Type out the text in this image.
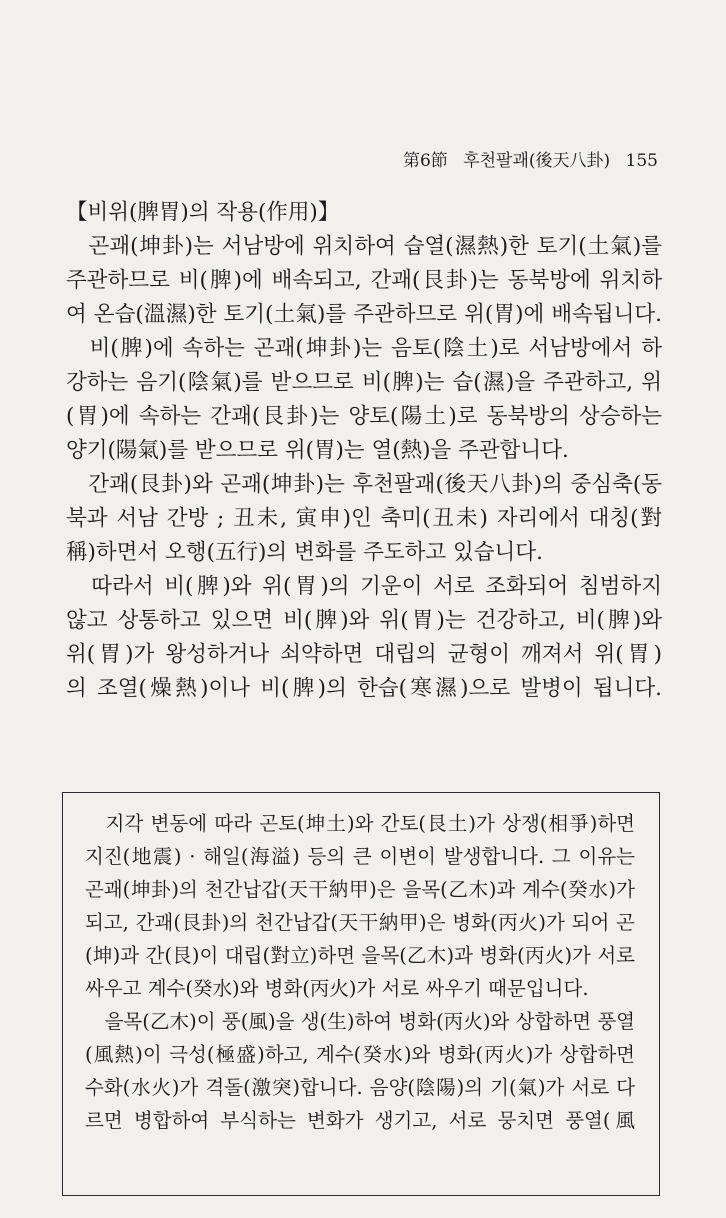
第6節 후천팔괘(後天八卦) 155
【비위(脾胃)의 작용(作用)】
　곤괘(坤卦)는 서남방에 위치하여 습열(濕熱)한 토기(土氣)를
주관하므로 비(脾)에 배속되고, 간괘(艮卦)는 동북방에 위치하
여 온습(溫濕)한 토기(土氣)를 주관하므로 위(胃)에 배속됩니다.
　비(脾)에 속하는 곤괘(坤卦)는 음토(陰土)로 서남방에서 하
강하는 음기(陰氣)를 받으므로 비(脾)는 습(濕)을 주관하고, 위
(胃)에 속하는 간괘(艮卦)는 양토(陽土)로 동북방의 상승하는
양기(陽氣)를 받으므로 위(胃)는 열(熱)을 주관합니다.
　간괘(艮卦)와 곤괘(坤卦)는 후천팔괘(後天八卦)의 중심축(동
북과 서남 간방 ; 丑未, 寅申)인 축미(丑未) 자리에서 대칭(對
稱)하면서 오행(五行)의 변화를 주도하고 있습니다.
　따라서 비(脾)와 위(胃)의 기운이 서로 조화되어 침범하지
않고 상통하고 있으면 비(脾)와 위(胃)는 건강하고, 비(脾)와
위(胃)가 왕성하거나 쇠약하면 대립의 균형이 깨져서 위(胃)
의 조열(燥熱)이나 비(脾)의 한습(寒濕)으로 발병이 됩니다.
　지각 변동에 따라 곤토(坤土)와 간토(艮土)가 상쟁(相爭)하면
지진(地震) · 해일(海溢) 등의 큰 이변이 발생합니다. 그 이유는
곤괘(坤卦)의 천간납갑(天干納甲)은 을목(乙木)과 계수(癸水)가
되고, 간괘(艮卦)의 천간납갑(天干納甲)은 병화(丙火)가 되어 곤
(坤)과 간(艮)이 대립(對立)하면 을목(乙木)과 병화(丙火)가 서로
싸우고 계수(癸水)와 병화(丙火)가 서로 싸우기 때문입니다.
　을목(乙木)이 풍(風)을 생(生)하여 병화(丙火)와 상합하면 풍열
(風熱)이 극성(極盛)하고, 계수(癸水)와 병화(丙火)가 상합하면
수화(水火)가 격돌(激突)합니다. 음양(陰陽)의 기(氣)가 서로 다
르면 병합하여 부식하는 변화가 생기고, 서로 뭉치면 풍열(風
